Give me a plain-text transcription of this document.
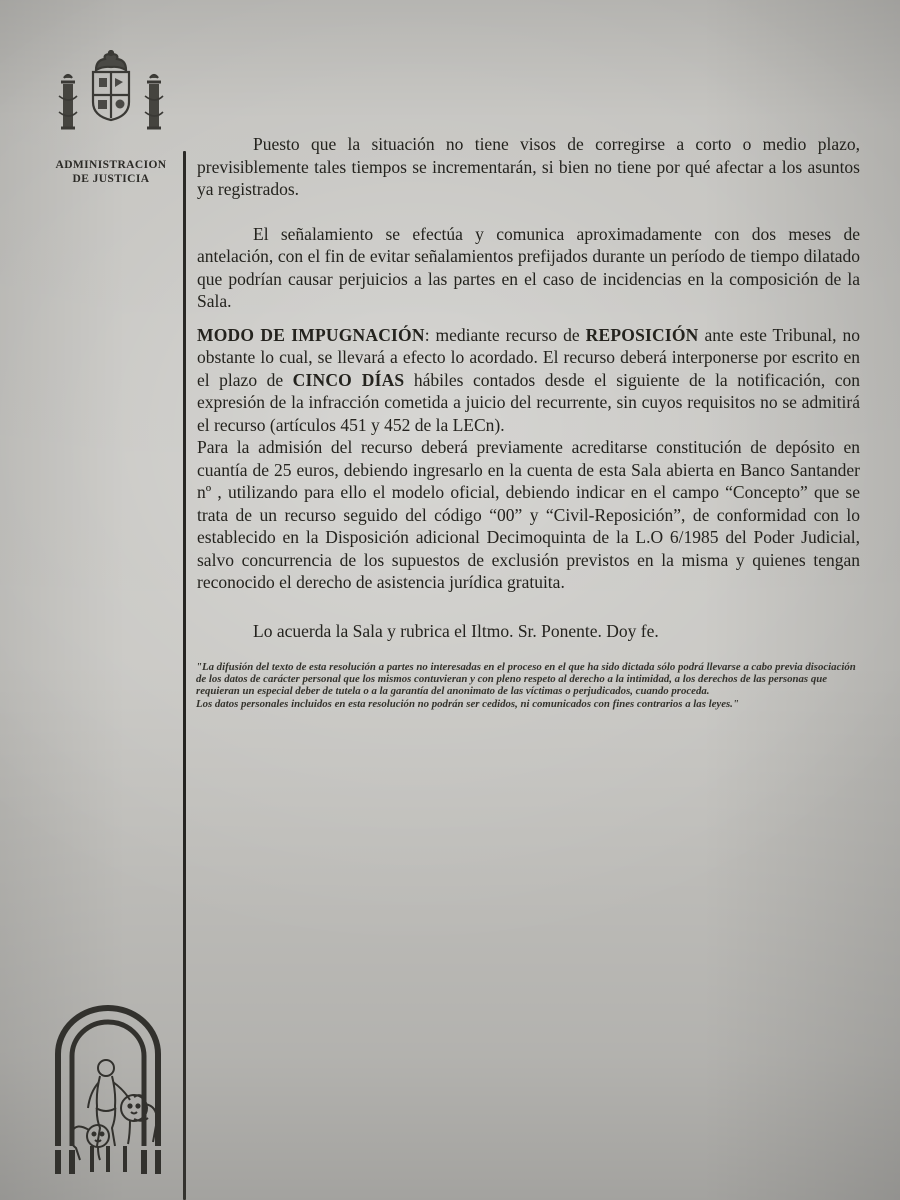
ADMINISTRACION
DE JUSTICIA

Puesto que la situación no tiene visos de corregirse a corto o medio plazo, previsiblemente tales tiempos se incrementarán, si bien no tiene por qué afectar a los asuntos ya registrados.

El señalamiento se efectúa y comunica aproximadamente con dos meses de antelación, con el fin de evitar señalamientos prefijados durante un período de tiempo dilatado que podrían causar perjuicios a las partes en el caso de incidencias en la composición de la Sala.

MODO DE IMPUGNACIÓN: mediante recurso de REPOSICIÓN ante este Tribunal, no obstante lo cual, se llevará a efecto lo acordado. El recurso deberá interponerse por escrito en el plazo de CINCO DÍAS hábiles contados desde el siguiente de la notificación, con expresión de la infracción cometida a juicio del recurrente, sin cuyos requisitos no se admitirá el recurso (artículos 451 y 452 de la LECn).

Para la admisión del recurso deberá previamente acreditarse constitución de depósito en cuantía de 25 euros, debiendo ingresarlo en la cuenta de esta Sala abierta en Banco Santander nº , utilizando para ello el modelo oficial, debiendo indicar en el campo “Concepto” que se trata de un recurso seguido del código “00” y “Civil-Reposición”, de conformidad con lo establecido en la Disposición adicional Decimoquinta de la L.O 6/1985 del Poder Judicial, salvo concurrencia de los supuestos de exclusión previstos en la misma y quienes tengan reconocido el derecho de asistencia jurídica gratuita.

Lo acuerda la Sala y rubrica el Iltmo. Sr. Ponente. Doy fe.

"La difusión del texto de esta resolución a partes no interesadas en el proceso en el que ha sido dictada sólo podrá llevarse a cabo previa disociación de los datos de carácter personal que los mismos contuvieran y con pleno respeto al derecho a la intimidad, a los derechos de las personas que requieran un especial deber de tutela o a la garantía del anonimato de las víctimas o perjudicados, cuando proceda.

Los datos personales incluidos en esta resolución no podrán ser cedidos, ni comunicados con fines contrarios a las leyes."
